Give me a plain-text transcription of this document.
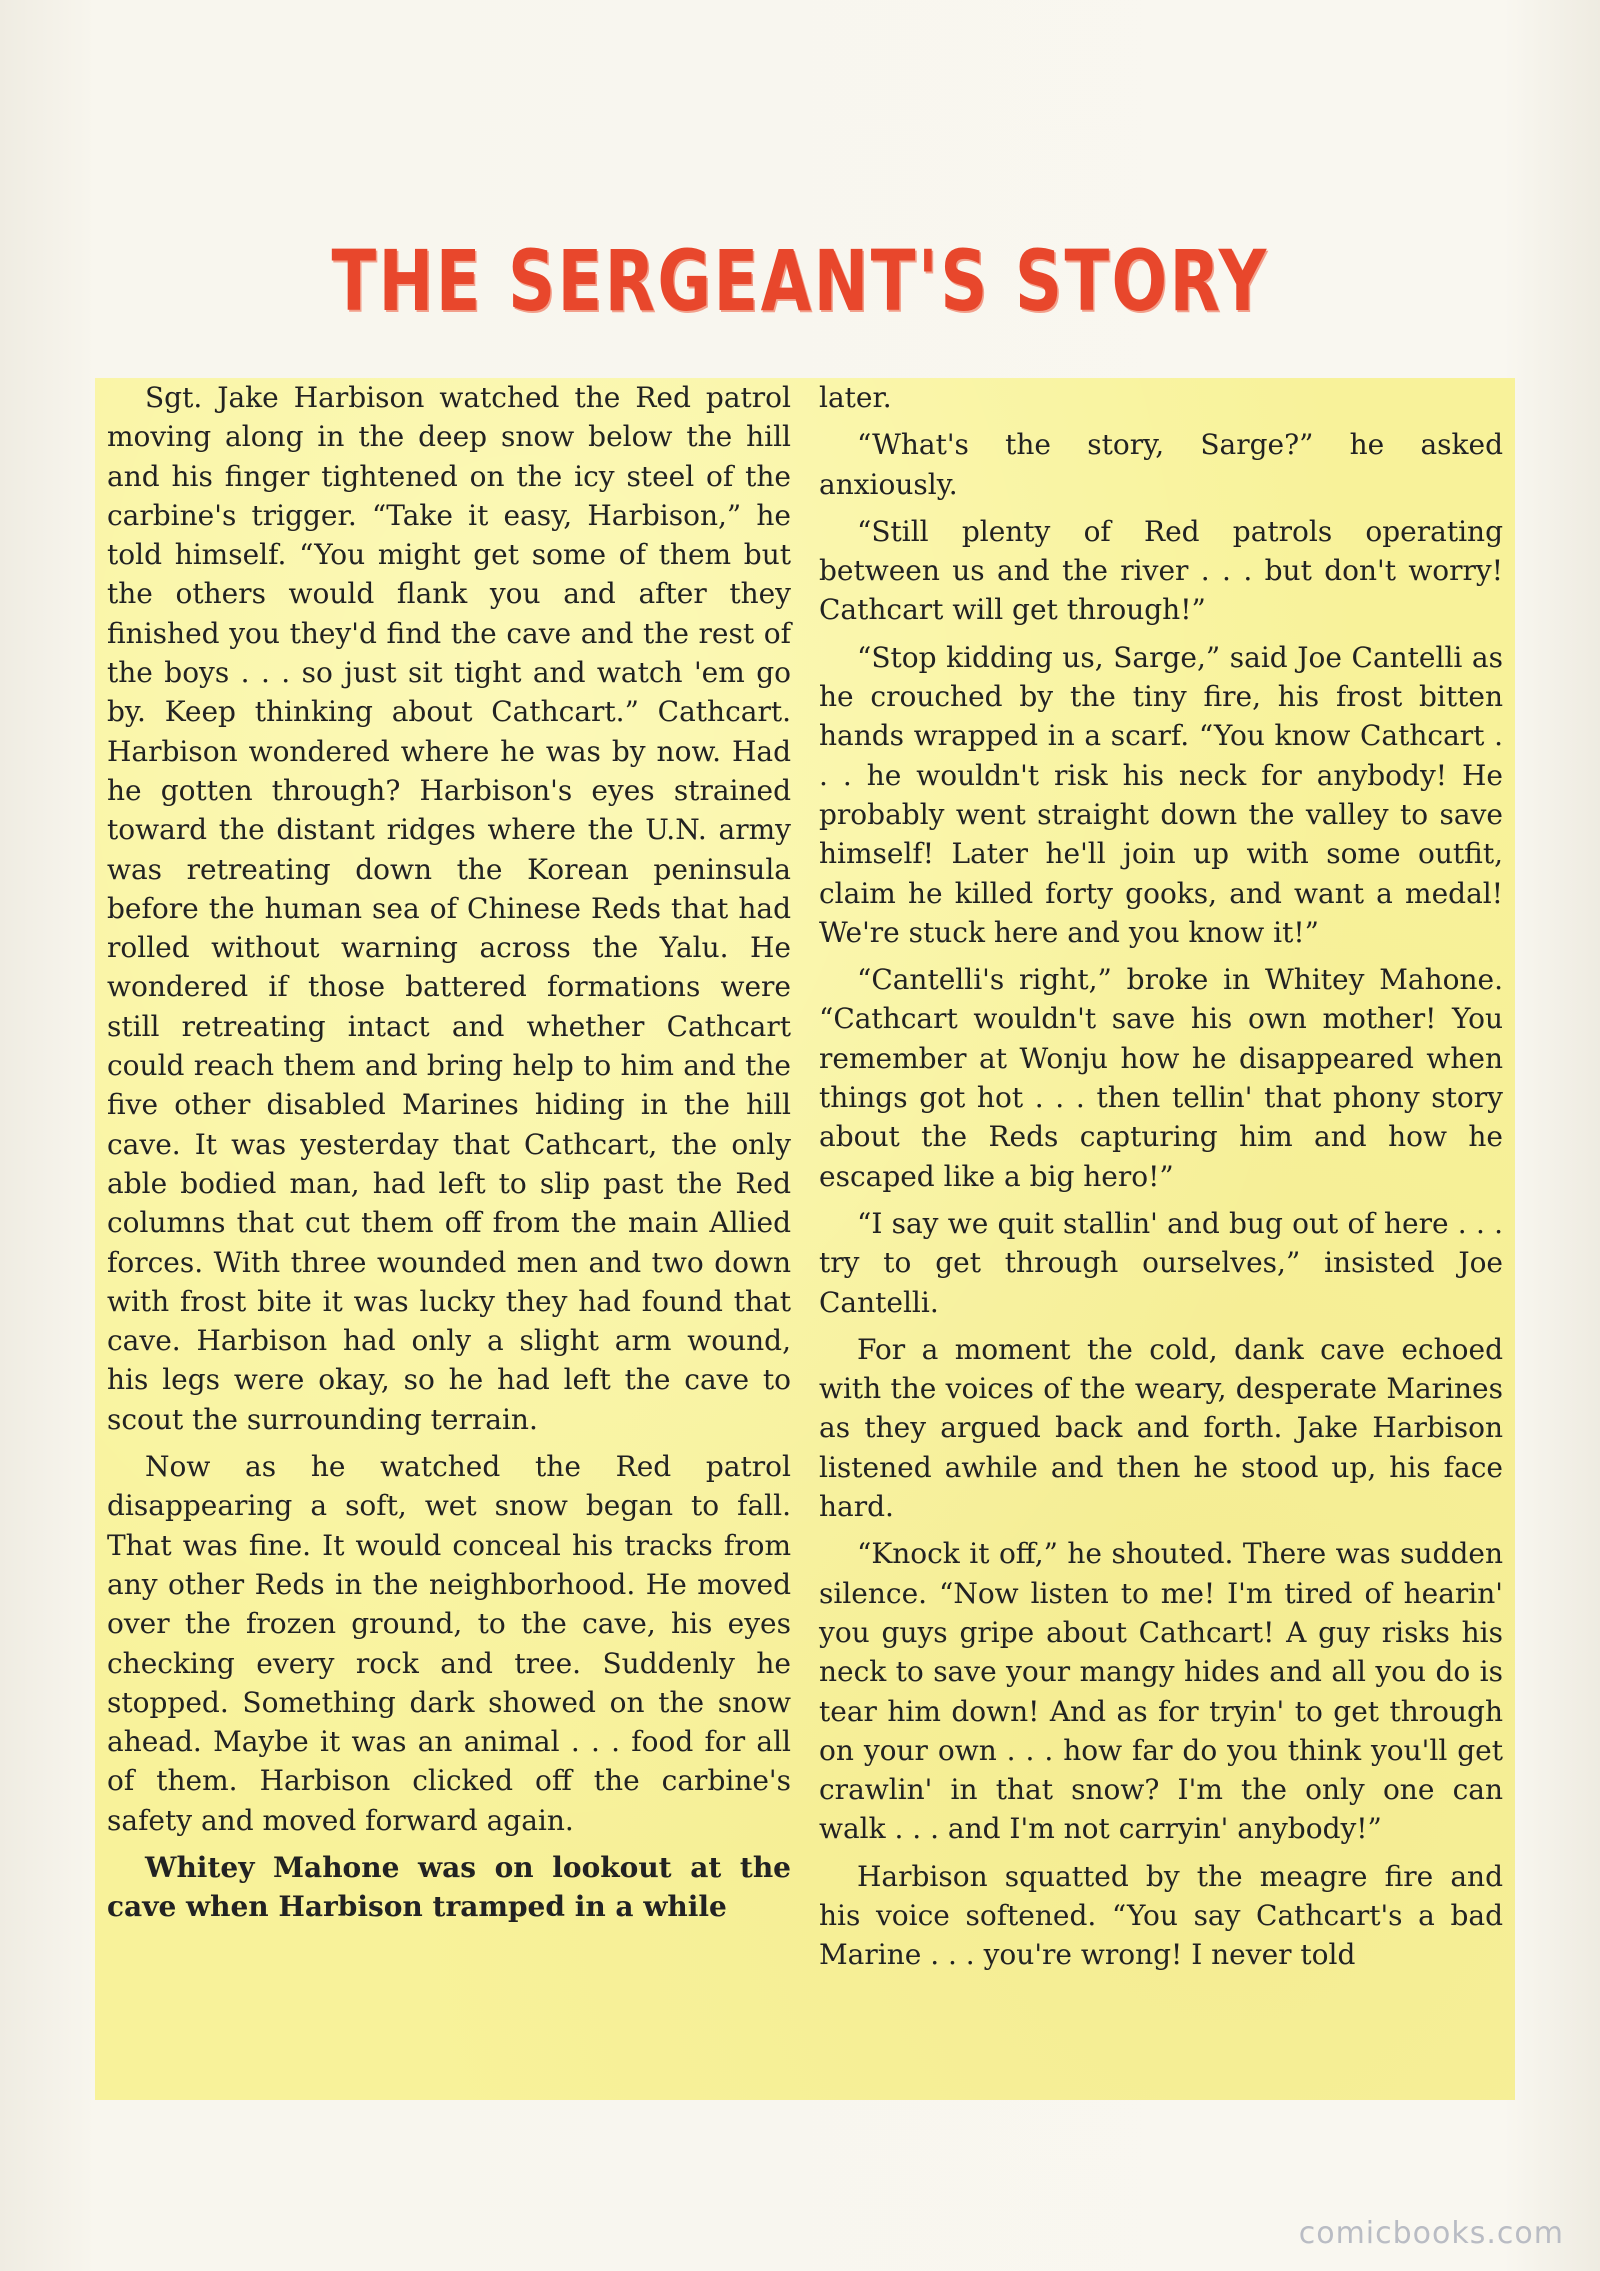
THE SERGEANT'S STORY

Sgt. Jake Harbison watched the Red patrol moving along in the deep snow below the hill and his finger tightened on the icy steel of the carbine's trigger. “Take it easy, Harbison,” he told himself. “You might get some of them but the others would flank you and after they finished you they'd find the cave and the rest of the boys . . . so just sit tight and watch 'em go by. Keep thinking about Cathcart.” Cathcart. Harbison wondered where he was by now. Had he gotten through? Harbison's eyes strained toward the distant ridges where the U.N. army was retreating down the Korean peninsula before the human sea of Chinese Reds that had rolled without warning across the Yalu. He wondered if those battered formations were still retreating intact and whether Cathcart could reach them and bring help to him and the five other disabled Marines hiding in the hill cave. It was yesterday that Cathcart, the only able bodied man, had left to slip past the Red columns that cut them off from the main Allied forces. With three wounded men and two down with frost bite it was lucky they had found that cave. Harbison had only a slight arm wound, his legs were okay, so he had left the cave to scout the surrounding terrain.

Now as he watched the Red patrol disappearing a soft, wet snow began to fall. That was fine. It would conceal his tracks from any other Reds in the neighborhood. He moved over the frozen ground, to the cave, his eyes checking every rock and tree. Suddenly he stopped. Something dark showed on the snow ahead. Maybe it was an animal . . . food for all of them. Harbison clicked off the carbine's safety and moved forward again.

Whitey Mahone was on lookout at the cave when Harbison tramped in a while

later.

“What's the story, Sarge?” he asked anxiously.

“Still plenty of Red patrols operating between us and the river . . . but don't worry! Cathcart will get through!”

“Stop kidding us, Sarge,” said Joe Cantelli as he crouched by the tiny fire, his frost bitten hands wrapped in a scarf. “You know Cathcart . . . he wouldn't risk his neck for anybody! He probably went straight down the valley to save himself! Later he'll join up with some outfit, claim he killed forty gooks, and want a medal! We're stuck here and you know it!”

“Cantelli's right,” broke in Whitey Mahone. “Cathcart wouldn't save his own mother! You remember at Wonju how he disappeared when things got hot . . . then tellin' that phony story about the Reds capturing him and how he escaped like a big hero!”

“I say we quit stallin' and bug out of here . . . try to get through ourselves,” insisted Joe Cantelli.

For a moment the cold, dank cave echoed with the voices of the weary, desperate Marines as they argued back and forth. Jake Harbison listened awhile and then he stood up, his face hard.

“Knock it off,” he shouted. There was sudden silence. “Now listen to me! I'm tired of hearin' you guys gripe about Cathcart! A guy risks his neck to save your mangy hides and all you do is tear him down! And as for tryin' to get through on your own . . . how far do you think you'll get crawlin' in that snow? I'm the only one can walk . . . and I'm not carryin' anybody!”

Harbison squatted by the meagre fire and his voice softened. “You say Cathcart's a bad Marine . . . you're wrong! I never told

comicbooks.com
